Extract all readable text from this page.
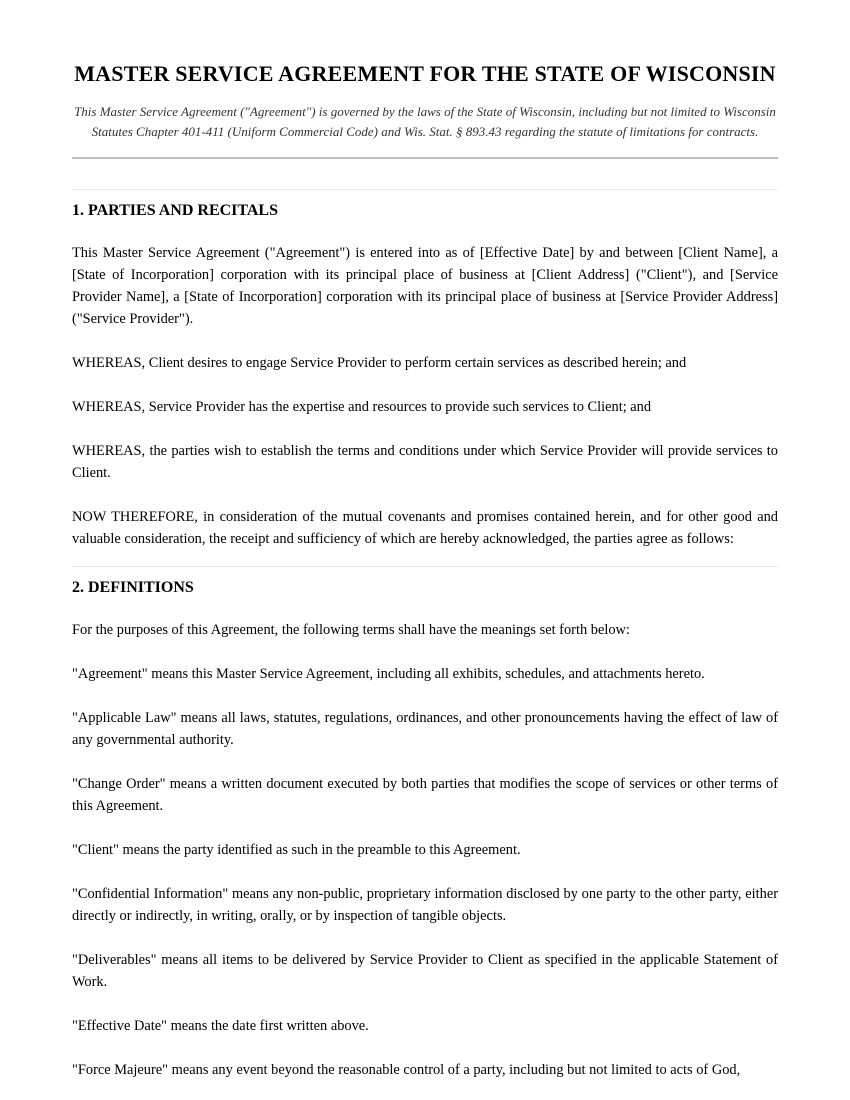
MASTER SERVICE AGREEMENT FOR THE STATE OF WISCONSIN

This Master Service Agreement ("Agreement") is governed by the laws of the State of Wisconsin, including but not limited to Wisconsin Statutes Chapter 401-411 (Uniform Commercial Code) and Wis. Stat. § 893.43 regarding the statute of limitations for contracts.

1. PARTIES AND RECITALS

This Master Service Agreement ("Agreement") is entered into as of [Effective Date] by and between [Client Name], a [State of Incorporation] corporation with its principal place of business at [Client Address] ("Client"), and [Service Provider Name], a [State of Incorporation] corporation with its principal place of business at [Service Provider Address] ("Service Provider").

WHEREAS, Client desires to engage Service Provider to perform certain services as described herein; and

WHEREAS, Service Provider has the expertise and resources to provide such services to Client; and

WHEREAS, the parties wish to establish the terms and conditions under which Service Provider will provide services to Client.

NOW THEREFORE, in consideration of the mutual covenants and promises contained herein, and for other good and valuable consideration, the receipt and sufficiency of which are hereby acknowledged, the parties agree as follows:

2. DEFINITIONS

For the purposes of this Agreement, the following terms shall have the meanings set forth below:

"Agreement" means this Master Service Agreement, including all exhibits, schedules, and attachments hereto.

"Applicable Law" means all laws, statutes, regulations, ordinances, and other pronouncements having the effect of law of any governmental authority.

"Change Order" means a written document executed by both parties that modifies the scope of services or other terms of this Agreement.

"Client" means the party identified as such in the preamble to this Agreement.

"Confidential Information" means any non-public, proprietary information disclosed by one party to the other party, either directly or indirectly, in writing, orally, or by inspection of tangible objects.

"Deliverables" means all items to be delivered by Service Provider to Client as specified in the applicable Statement of Work.

"Effective Date" means the date first written above.

"Force Majeure" means any event beyond the reasonable control of a party, including but not limited to acts of God,
